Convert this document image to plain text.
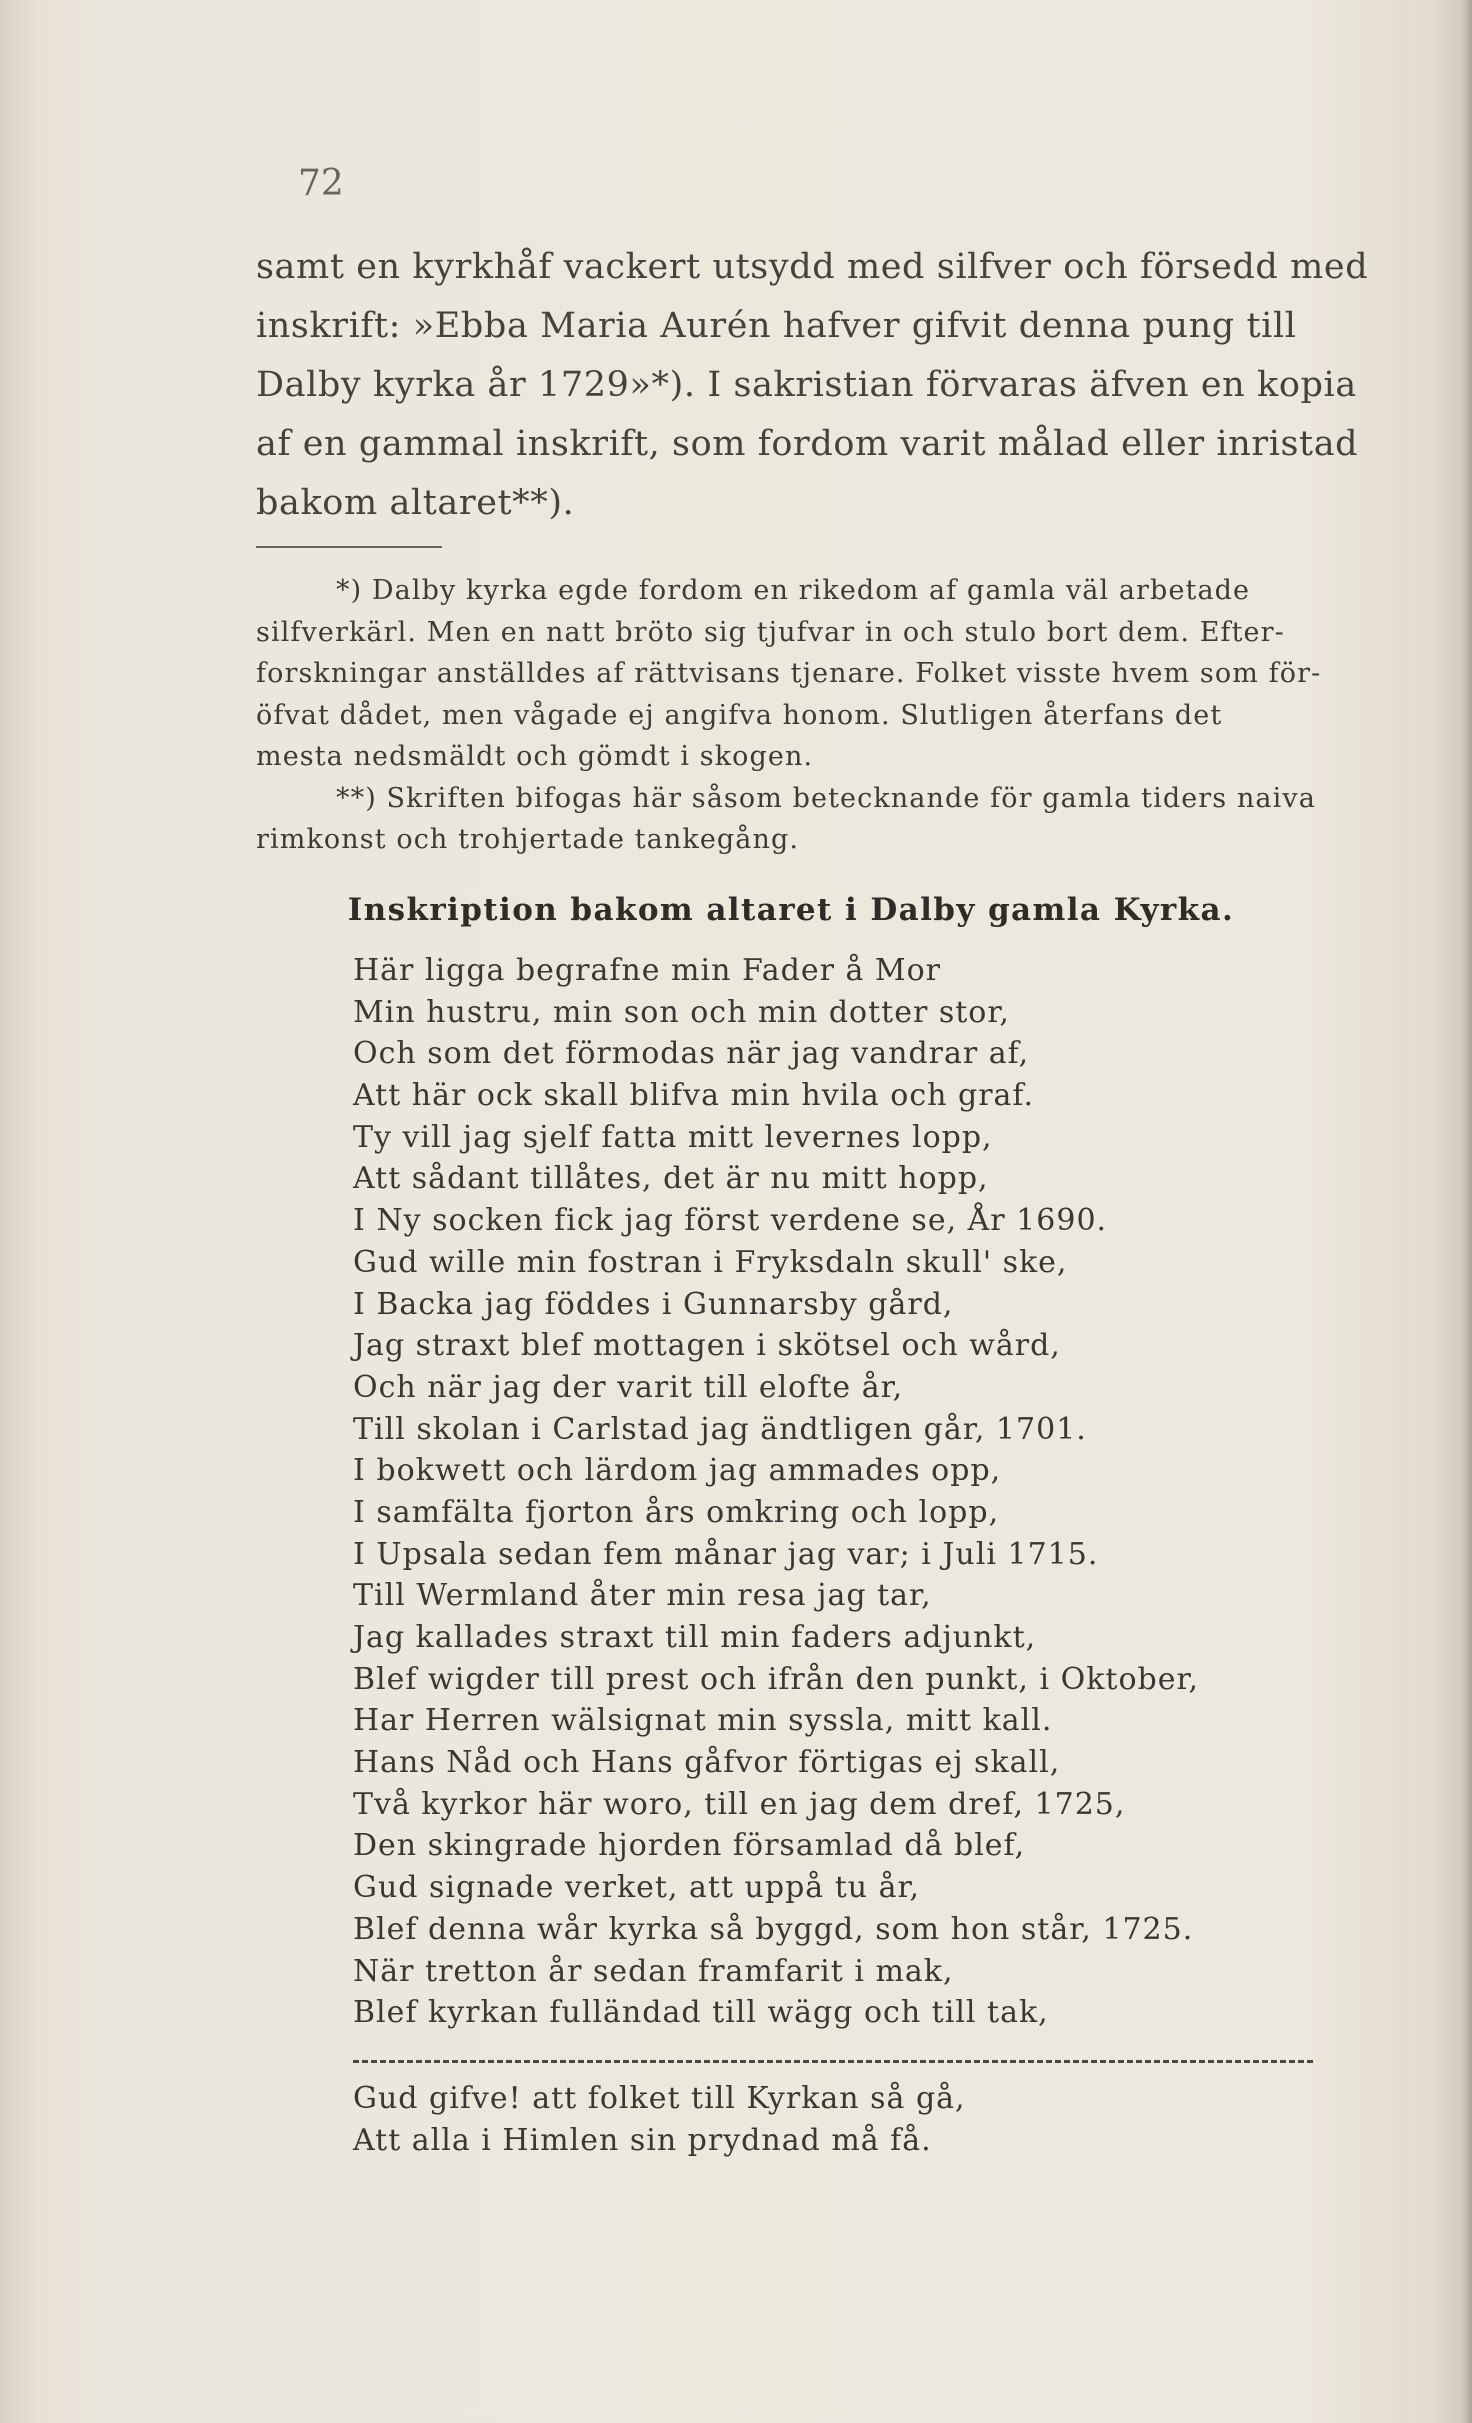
72
samt en kyrkhåf vackert utsydd med silfver och försedd med
inskrift: »Ebba Maria Aurén hafver gifvit denna pung till
Dalby kyrka år 1729»*). I sakristian förvaras äfven en kopia
af en gammal inskrift, som fordom varit målad eller inristad
bakom altaret**).
*) Dalby kyrka egde fordom en rikedom af gamla väl arbetade
silfverkärl. Men en natt bröto sig tjufvar in och stulo bort dem. Efter-
forskningar anställdes af rättvisans tjenare. Folket visste hvem som för-
öfvat dådet, men vågade ej angifva honom. Slutligen återfans det
mesta nedsmäldt och gömdt i skogen.
**) Skriften bifogas här såsom betecknande för gamla tiders naiva
rimkonst och trohjertade tankegång.
Inskription bakom altaret i Dalby gamla Kyrka.
Här ligga begrafne min Fader å Mor
Min hustru, min son och min dotter stor,
Och som det förmodas när jag vandrar af,
Att här ock skall blifva min hvila och graf.
Ty vill jag sjelf fatta mitt levernes lopp,
Att sådant tillåtes, det är nu mitt hopp,
I Ny socken fick jag först verdene se, År 1690.
Gud wille min fostran i Fryksdaln skull' ske,
I Backa jag föddes i Gunnarsby gård,
Jag straxt blef mottagen i skötsel och wård,
Och när jag der varit till elofte år,
Till skolan i Carlstad jag ändtligen går, 1701.
I bokwett och lärdom jag ammades opp,
I samfälta fjorton års omkring och lopp,
I Upsala sedan fem månar jag var; i Juli 1715.
Till Wermland åter min resa jag tar,
Jag kallades straxt till min faders adjunkt,
Blef wigder till prest och ifrån den punkt, i Oktober,
Har Herren wälsignat min syssla, mitt kall.
Hans Nåd och Hans gåfvor förtigas ej skall,
Två kyrkor här woro, till en jag dem dref, 1725,
Den skingrade hjorden församlad då blef,
Gud signade verket, att uppå tu år,
Blef denna wår kyrka så byggd, som hon står, 1725.
När tretton år sedan framfarit i mak,
Blef kyrkan fulländad till wägg och till tak,
Gud gifve! att folket till Kyrkan så gå,
Att alla i Himlen sin prydnad må få.
